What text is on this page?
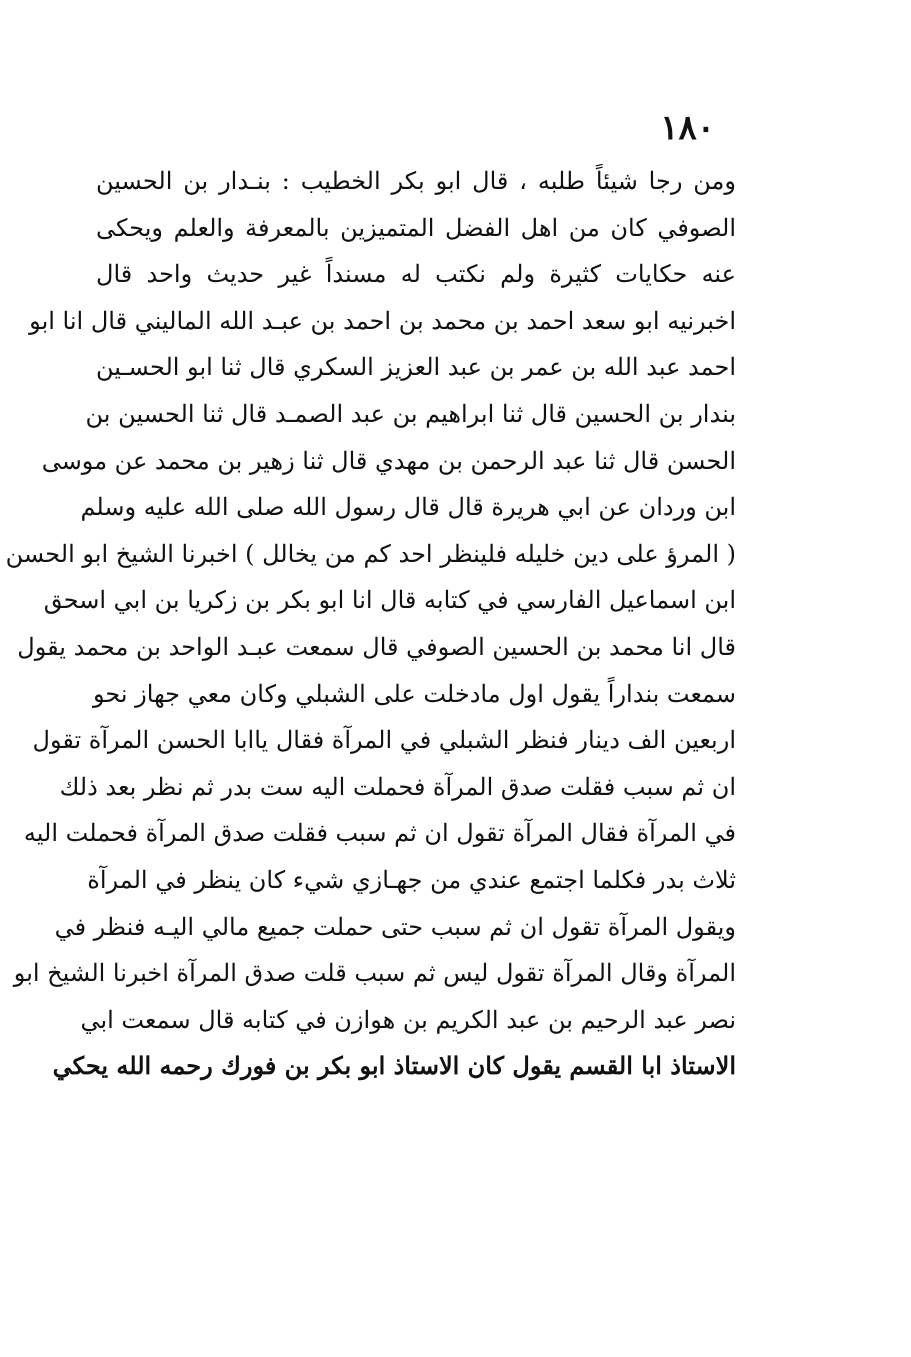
١٨٠
ومن رجا شيئاً طلبه ، قال ابو بكر الخطيب : بنـدار بن الحسين
الصوفي كان من اهل الفضل المتميزين بالمعرفة والعلم ويحكى
عنه حكايات كثيرة ولم نكتب له مسنداً غير حديث واحد قال
اخبرنيه ابو سعد احمد بن محمد بن احمد بن عبـد الله الماليني قال انا ابو
احمد عبد الله بن عمر بن عبد العزيز السكري قال ثنا ابو الحسـين
بندار بن الحسين قال ثنا ابراهيم بن عبد الصمـد قال ثنا الحسين بن
الحسن قال ثنا عبد الرحمن بن مهدي قال ثنا زهير بن محمد عن موسى
ابن وردان عن ابي هريرة قال قال رسول الله صلى الله عليه وسلم
( المرؤ على دين خليله فلينظر احد كم من يخالل ) اخبرنا الشيخ ابو الحسن
ابن اسماعيل الفارسي في كتابه قال انا ابو بكر بن زكريا بن ابي اسحق
قال انا محمد بن الحسين الصوفي قال سمعت عبـد الواحد بن محمد يقول
سمعت بنداراً يقول اول مادخلت على الشبلي وكان معي جهاز نحو
اربعين الف دينار فنظر الشبلي في المرآة فقال ياابا الحسن المرآة تقول
ان ثم سبب فقلت صدق المرآة فحملت اليه ست بدر ثم نظر بعد ذلك
في المرآة فقال المرآة تقول ان ثم سبب فقلت صدق المرآة فحملت اليه
ثلاث بدر فكلما اجتمع عندي من جهـازي شيء كان ينظر في المرآة
ويقول المرآة تقول ان ثم سبب حتى حملت جميع مالي اليـه فنظر في
المرآة وقال المرآة تقول ليس ثم سبب قلت صدق المرآة اخبرنا الشيخ ابو
نصر عبد الرحيم بن عبد الكريم بن هوازن في كتابه قال سمعت ابي
الاستاذ ابا القسم يقول كان الاستاذ ابو بكر بن فورك رحمه الله يحكي
